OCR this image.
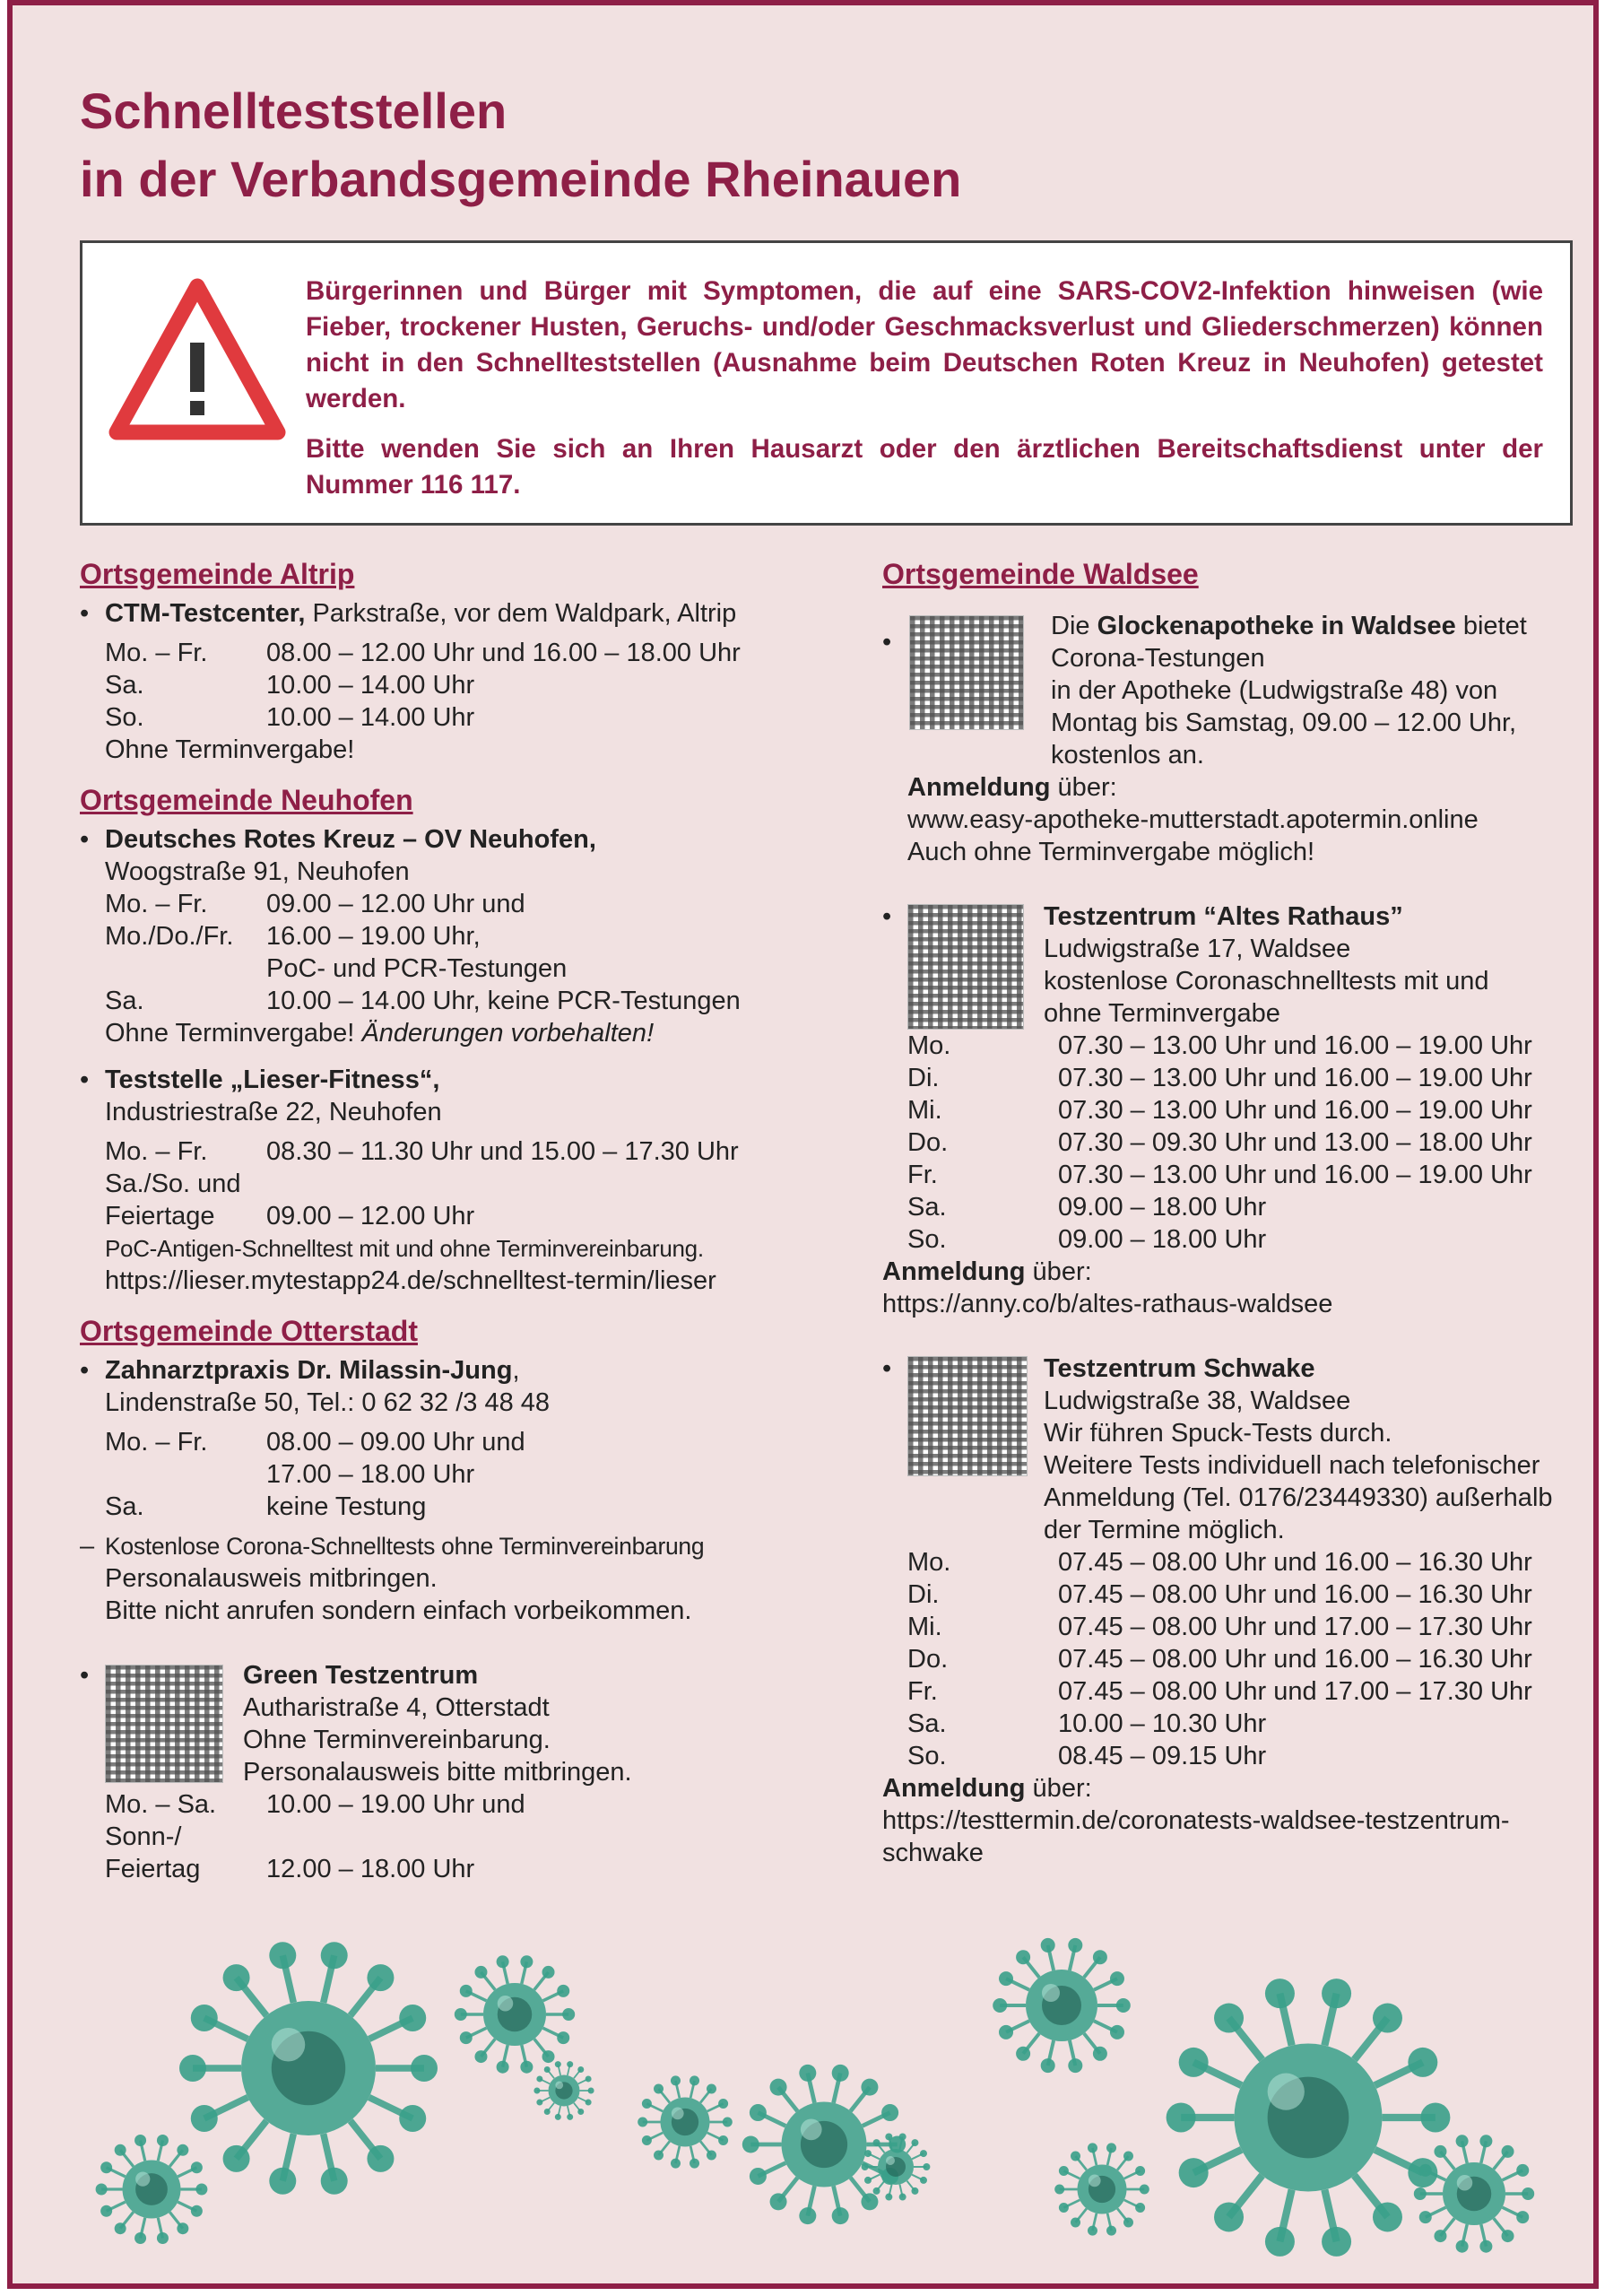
Schnellteststellen
in der Verbandsgemeinde Rheinauen

Bürgerinnen und Bürger mit Symptomen, die auf eine SARS-COV2-Infektion hinweisen (wie Fieber, trockener Husten, Geruchs- und/oder Geschmacksverlust und Gliederschmerzen) können nicht in den Schnellteststellen (Ausnahme beim Deutschen Roten Kreuz in Neuhofen) getestet werden.

Bitte wenden Sie sich an Ihren Hausarzt oder den ärztlichen Bereitschaftsdienst unter der Nummer 116 117.

Ortsgemeinde Altrip
• CTM-Testcenter, Parkstraße, vor dem Waldpark, Altrip
Mo. – Fr.	08.00 – 12.00 Uhr und 16.00 – 18.00 Uhr
Sa.	10.00 – 14.00 Uhr
So.	10.00 – 14.00 Uhr
Ohne Terminvergabe!
Ortsgemeinde Neuhofen
• Deutsches Rotes Kreuz – OV Neuhofen,
Woogstraße 91, Neuhofen
Mo. – Fr.	09.00 – 12.00 Uhr und
Mo./Do./Fr.	16.00 – 19.00 Uhr,
PoC- und PCR-Testungen
Sa.	10.00 – 14.00 Uhr, keine PCR-Testungen
Ohne Terminvergabe! Änderungen vorbehalten!
• Teststelle „Lieser-Fitness“,
Industriestraße 22, Neuhofen
Mo. – Fr.	08.30 – 11.30 Uhr und 15.00 – 17.30 Uhr
Sa./So. und
Feiertage	09.00 – 12.00 Uhr
PoC-Antigen-Schnelltest mit und ohne Terminvereinbarung.
https://lieser.mytestapp24.de/schnelltest-termin/lieser
Ortsgemeinde Otterstadt
• Zahnarztpraxis Dr. Milassin-Jung,
Lindenstraße 50, Tel.: 0 62 32 /3 48 48
Mo. – Fr.	08.00 – 09.00 Uhr und
17.00 – 18.00 Uhr
Sa.	keine Testung
– Kostenlose Corona-Schnelltests ohne Terminvereinbarung
Personalausweis mitbringen.
Bitte nicht anrufen sondern einfach vorbeikommen.
•	Green Testzentrum
Autharistraße 4, Otterstadt
Ohne Terminvereinbarung.
Personalausweis bitte mitbringen.
Mo. – Sa.	10.00 – 19.00 Uhr und
Sonn-/
Feiertag	12.00 – 18.00 Uhr
Ortsgemeinde Waldsee
•
Die Glockenapotheke in Waldsee bietet
Corona-Testungen
in der Apotheke (Ludwigstraße 48) von
Montag bis Samstag, 09.00 – 12.00 Uhr,
kostenlos an.
Anmeldung über:
www.easy-apotheke-mutterstadt.apotermin.online
Auch ohne Terminvergabe möglich!
•	Testzentrum “Altes Rathaus”
Ludwigstraße 17, Waldsee
kostenlose Coronaschnelltests mit und
ohne Terminvergabe
Mo.	07.30 – 13.00 Uhr und 16.00 – 19.00 Uhr
Di.	07.30 – 13.00 Uhr und 16.00 – 19.00 Uhr
Mi.	07.30 – 13.00 Uhr und 16.00 – 19.00 Uhr
Do.	07.30 – 09.30 Uhr und 13.00 – 18.00 Uhr
Fr.	07.30 – 13.00 Uhr und 16.00 – 19.00 Uhr
Sa.	09.00 – 18.00 Uhr
So.	09.00 – 18.00 Uhr
Anmeldung über:
https://anny.co/b/altes-rathaus-waldsee
•	Testzentrum Schwake
Ludwigstraße 38, Waldsee
Wir führen Spuck-Tests durch.
Weitere Tests individuell nach telefonischer
Anmeldung (Tel. 0176/23449330) außerhalb
der Termine möglich.
Mo.	07.45 – 08.00 Uhr und 16.00 – 16.30 Uhr
Di.	07.45 – 08.00 Uhr und 16.00 – 16.30 Uhr
Mi.	07.45 – 08.00 Uhr und 17.00 – 17.30 Uhr
Do.	07.45 – 08.00 Uhr und 16.00 – 16.30 Uhr
Fr.	07.45 – 08.00 Uhr und 17.00 – 17.30 Uhr
Sa.	10.00 – 10.30 Uhr
So.	08.45 – 09.15 Uhr
Anmeldung über:
https://testtermin.de/coronatests-waldsee-testzentrum-
schwake
